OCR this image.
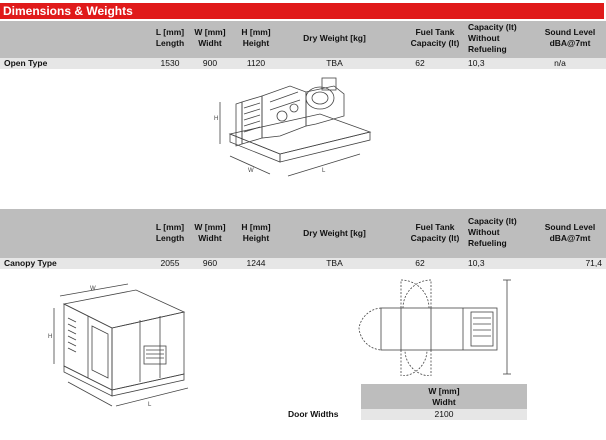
Dimensions & Weights
L [mm]
Length
W [mm]
Widht
H [mm]
Height	Dry Weight [kg]
Fuel Tank
Capacity (lt)
Capacity (lt)
Without
Refueling
Sound Level
dBA@7mt
Open Type	1530	900	1120	TBA	62	10,3	n/a
H
W	L
L [mm]
Length
W [mm]
Widht
H [mm]
Height	Dry Weight [kg]
Fuel Tank
Capacity (lt)
Capacity (lt)
Without
Refueling
Sound Level
dBA@7mt
Canopy Type	2055	960	1244	TBA	62	10,3	71,4
H
W
L
W [mm]
Widht
Door Widths	2100
